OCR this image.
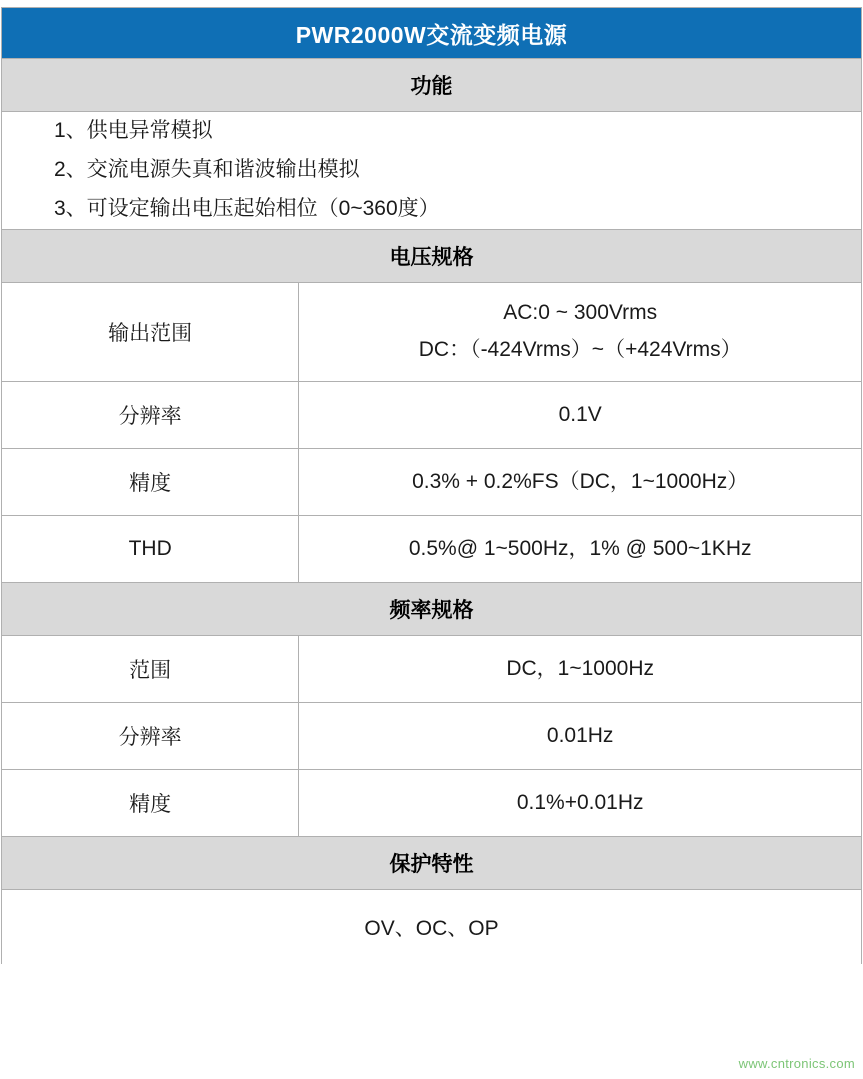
PWR2000W交流变频电源	
功能	

1、供电异常模拟
2、交流电源失真和谐波输出模拟
3、可设定输出电压起始相位（0~360度）	

电压规格	
输出范围	AC:0 ~ 300Vrms
DC：（-424Vrms）~（+424Vrms）

分辨率	0.1V

精度	0.3% + 0.2%FS（DC，1~1000Hz）

THD	0.5%@ 1~500Hz，1% @ 500~1KHz

频率规格	
范围	DC，1~1000Hz

分辨率	0.01Hz

精度	0.1%+0.01Hz

保护特性	
OV、OC、OP	
www.cntronics.com
